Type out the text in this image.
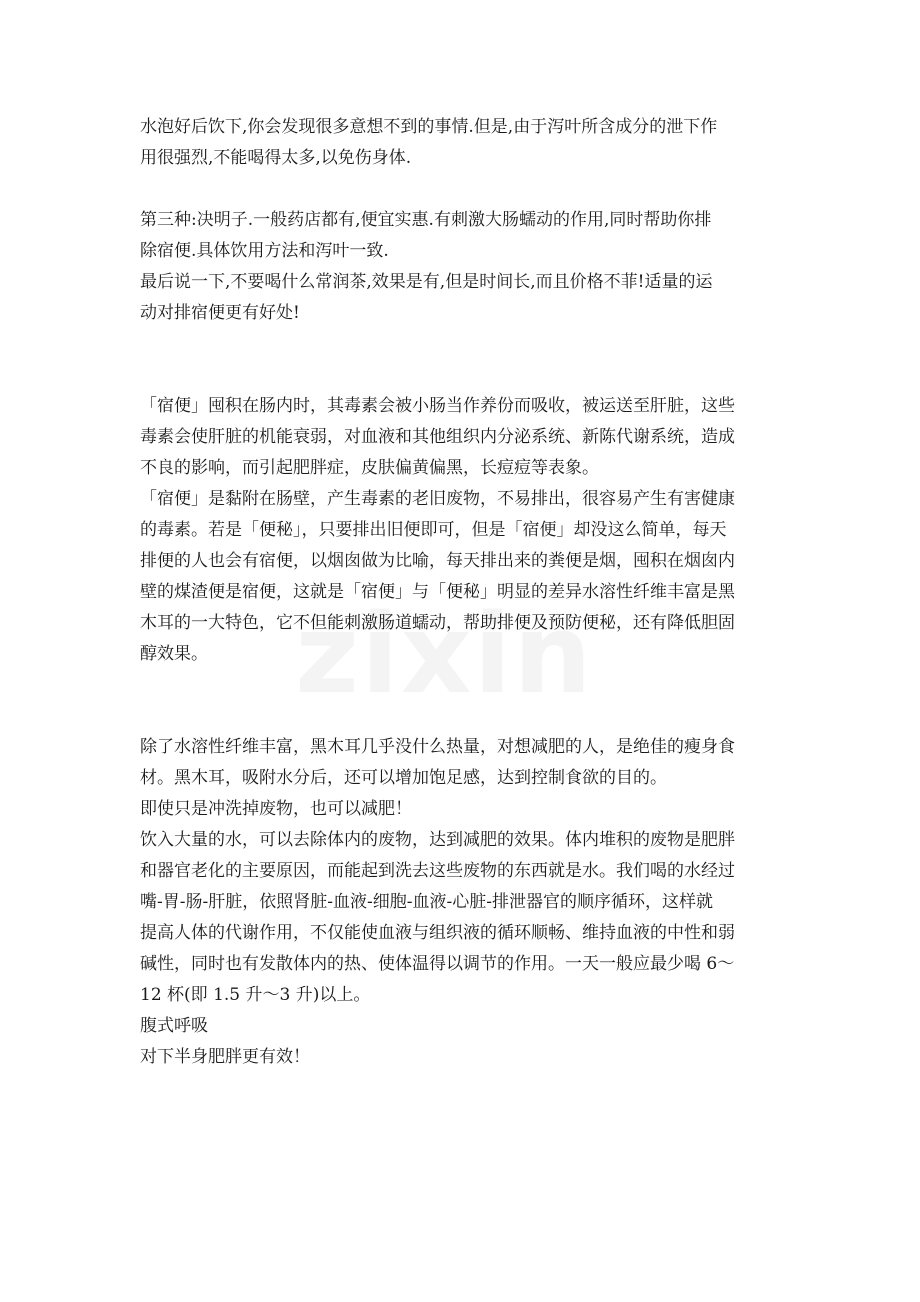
水泡好后饮下,你会发现很多意想不到的事情.但是,由于泻叶所含成分的泄下作
用很强烈,不能喝得太多,以免伤身体.
第三种:决明子.一般药店都有,便宜实惠.有刺激大肠蠕动的作用,同时帮助你排
除宿便.具体饮用方法和泻叶一致.
最后说一下,不要喝什么常润茶,效果是有,但是时间长,而且价格不菲!适量的运
动对排宿便更有好处!
「宿便」囤积在肠内时，其毒素会被小肠当作养份而吸收，被运送至肝脏，这些
毒素会使肝脏的机能衰弱，对血液和其他组织内分泌系统、新陈代谢系统，造成
不良的影响，而引起肥胖症，皮肤偏黄偏黑，长痘痘等表象。
「宿便」是黏附在肠壁，产生毒素的老旧废物，不易排出，很容易产生有害健康
的毒素。若是「便秘」，只要排出旧便即可，但是「宿便」却没这么简单，每天
排便的人也会有宿便，以烟囱做为比喻，每天排出来的粪便是烟，囤积在烟囱内
壁的煤渣便是宿便，这就是「宿便」与「便秘」明显的差异水溶性纤维丰富是黑
木耳的一大特色，它不但能刺激肠道蠕动，帮助排便及预防便秘，还有降低胆固
醇效果。
除了水溶性纤维丰富，黑木耳几乎没什么热量，对想减肥的人，是绝佳的瘦身食
材。黑木耳，吸附水分后，还可以增加饱足感，达到控制食欲的目的。
即使只是冲洗掉废物，也可以减肥！
饮入大量的水，可以去除体内的废物，达到减肥的效果。体内堆积的废物是肥胖
和器官老化的主要原因，而能起到洗去这些废物的东西就是水。我们喝的水经过
嘴-胃-肠-肝脏，依照肾脏-血液-细胞-血液-心脏-排泄器官的顺序循环，这样就
提高人体的代谢作用，不仅能使血液与组织液的循环顺畅、维持血液的中性和弱
碱性，同时也有发散体内的热、使体温得以调节的作用。一天一般应最少喝 6～
12 杯(即 1.5 升～3 升)以上。
腹式呼吸
对下半身肥胖更有效！
